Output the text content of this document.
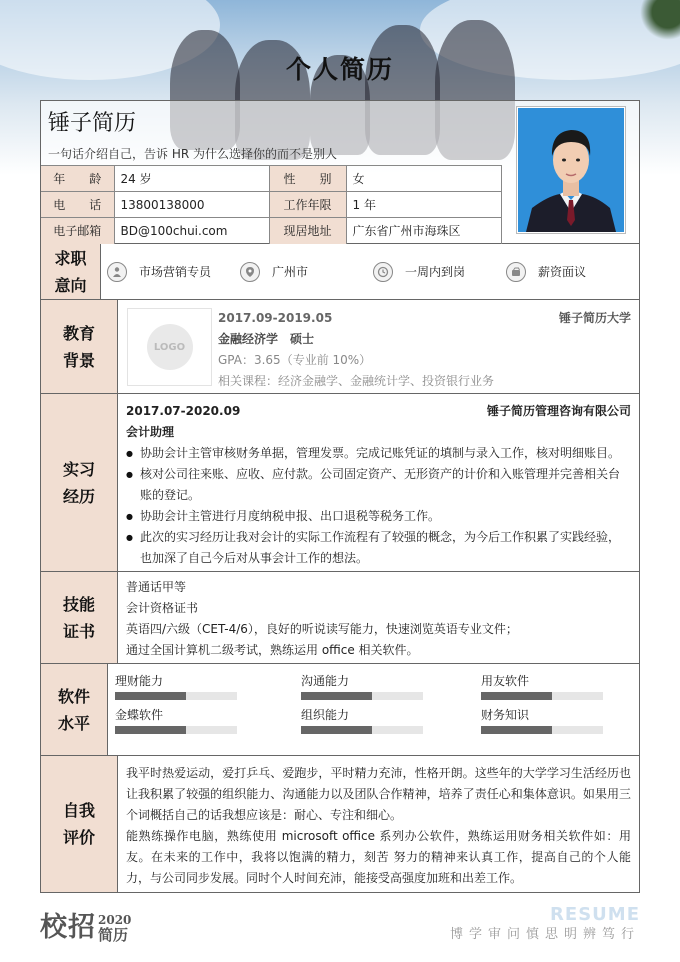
个人简历
锤子简历
一句话介绍自己，告诉 HR 为什么选择你的而不是别人
年　　龄	24 岁	性　　别	女
电　　话	13800138000	工作年限	1 年
电子邮箱	BD@100chui.com	现居地址	广东省广州市海珠区
求职
意向
市场营销专员	广州市	一周内到岗	薪资面议
教育
背景
LOGO
2017.09-2019.05	锤子简历大学
金融经济学　硕士
GPA：3.65（专业前 10%）
相关课程：经济金融学、金融统计学、投资银行业务
实习
经历
2017.07-2020.09	锤子简历管理咨询有限公司
会计助理
● 协助会计主管审核财务单据，管理发票。完成记账凭证的填制与录入工作，核对明细账目。
● 核对公司往来账、应收、应付款。公司固定资产、无形资产的计价和入账管理并完善相关台账的登记。
● 协助会计主管进行月度纳税申报、出口退税等税务工作。
● 此次的实习经历让我对会计的实际工作流程有了较强的概念，为今后工作积累了实践经验，也加深了自己今后对从事会计工作的想法。
技能
证书
普通话甲等
会计资格证书
英语四/六级（CET-4/6），良好的听说读写能力，快速浏览英语专业文件；
通过全国计算机二级考试，熟练运用 office 相关软件。
软件
水平
理财能力	沟通能力	用友软件
金蝶软件	组织能力	财务知识
自我
评价

我平时热爱运动，爱打乒乓、爱跑步，平时精力充沛，性格开朗。这些年的大学学习生活经历也让我积累了较强的组织能力、沟通能力以及团队合作精神，培养了责任心和集体意识。如果用三个词概括自己的话我想应该是：耐心、专注和细心。

能熟练操作电脑，熟练使用 microsoft office 系列办公软件，熟练运用财务相关软件如：用友。在未来的工作中，我将以饱满的精力，刻苦 努力的精神来认真工作，提高自己的个人能力，与公司同步发展。同时个人时间充沛，能接受高强度加班和出差工作。

校招 2020
简历
RESUME
博学审问慎思明辨笃行
